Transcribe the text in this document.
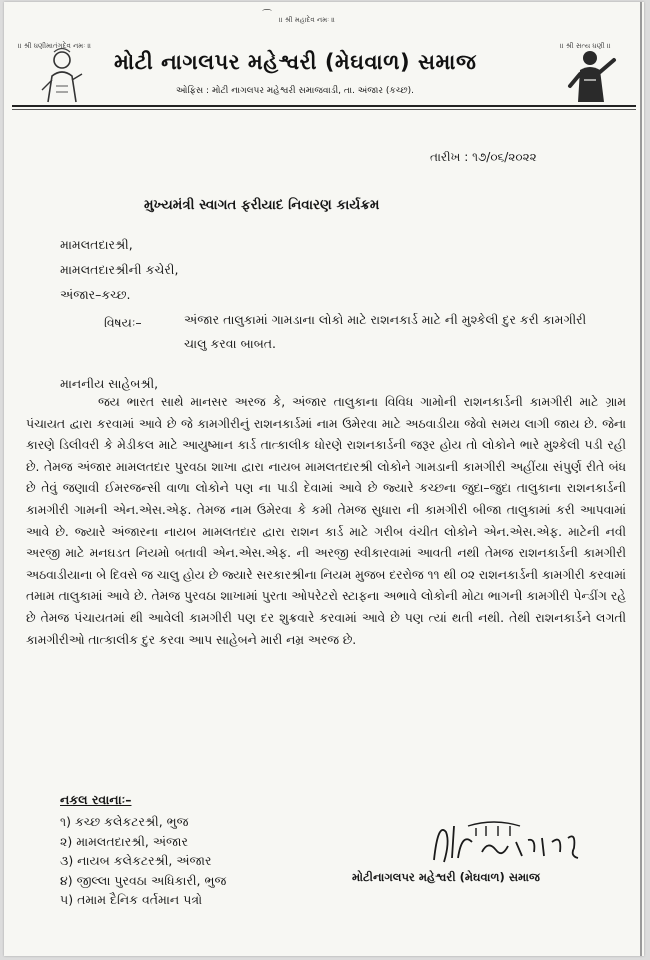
॥ શ્રી ધણીમાતંગદેવ નમઃ ॥
॥ શ્રી મહાદેવ નમઃ ॥
॥ શ્રી સત્ય ધણી ॥
⌒
મોટી નાગલપર મહેશ્વરી (મેઘવાળ) સમાજ
ઓફિસ : મોટી નાગલપર મહેશ્વરી સમાજવાડી, તા. અંજાર (કચ્છ).
તારીખ : ૧૭/૦૬/૨૦૨૨
મુખ્યમંત્રી સ્વાગત ફરીયાદ નિવારણ કાર્યક્રમ
મામલતદારશ્રી,
મામલતદારશ્રીની કચેરી,
અંજાર–કચ્છ.
વિષયઃ–	અંજાર તાલુકામાં ગામડાના લોકો માટે રાશનકાર્ડ માટે ની મુશ્કેલી દુર કરી કામગીરી ચાલુ કરવા બાબત.
માનનીય સાહેબશ્રી,
જય ભારત સાથે માનસર અરજ કે, અંજાર તાલુકાના વિવિધ ગામોની રાશનકાર્ડની કામગીરી માટે ગ્રામ પંચાયત દ્વારા કરવામાં આવે છે જે કામગીરીનું રાશનકાર્ડમાં નામ ઉમેરવા માટે અઠવાડીયા જેવો સમય લાગી જાય છે. જેના કારણે ડિલીવરી કે મેડીકલ માટે આયુષ્માન કાર્ડ તાત્કાલીક ધોરણે રાશનકાર્ડની જરૂર હોય તો લોકોને ભારે મુશ્કેલી પડી રહી છે. તેમજ અંજાર મામલતદાર પુરવઠા શાખા દ્વારા નાયબ મામલતદારશ્રી લોકોને ગામડાની કામગીરી અહીંયા સંપુર્ણ રીતે બંધ છે તેવું જણાવી ઈમરજન્સી વાળા લોકોને પણ ના પાડી દેવામાં આવે છે જ્યારે કચ્છના જુદા–જુદા તાલુકાના રાશનકાર્ડની કામગીરી ગામની એન.એસ.એફ. તેમજ નામ ઉમેરવા કે કમી તેમજ સુધારા ની કામગીરી બીજા તાલુકામાં કરી આપવામાં આવે છે. જ્યારે અંજારના નાયબ મામલતદાર દ્વારા રાશન કાર્ડ માટે ગરીબ વંચીત લોકોને એન.એસ.એફ. માટેની નવી અરજી માટે મનઘડત નિયમો બતાવી એન.એસ.એફ. ની અરજી સ્વીકારવામાં આવતી નથી તેમજ રાશનકાર્ડની કામગીરી અઠવાડીયાના બે દિવસે જ ચાલુ હોય છે જ્યારે સરકારશ્રીના નિયમ મુજબ દરરોજ ૧૧ થી ૦૨ રાશનકાર્ડની કામગીરી કરવામાં તમામ તાલુકામાં આવે છે. તેમજ પુરવઠા શાખામાં પુરતા ઓપરેટરો સ્ટાફના અભાવે લોકોની મોટા ભાગની કામગીરી પેન્ડીંગ રહે છે તેમજ પંચાયતમાં થી આવેલી કામગીરી પણ દર શુક્રવારે કરવામાં આવે છે પણ ત્યાં થતી નથી. તેથી રાશનકાર્ડને લગતી કામગીરીઓ તાત્કાલીક દુર કરવા આપ સાહેબને મારી નમ્ર અરજ છે.
નકલ રવાનાઃ–
૧) કચ્છ કલેકટરશ્રી, ભુજ
૨) મામલતદારશ્રી, અંજાર
૩) નાયબ કલેકટરશ્રી, અંજાર
૪) જીલ્લા પુરવઠા અધિકારી, ભુજ
૫) તમામ દૈનિક વર્તમાન પત્રો
મોટીનાગલપર મહેશ્વરી (મેઘવાળ) સમાજ
